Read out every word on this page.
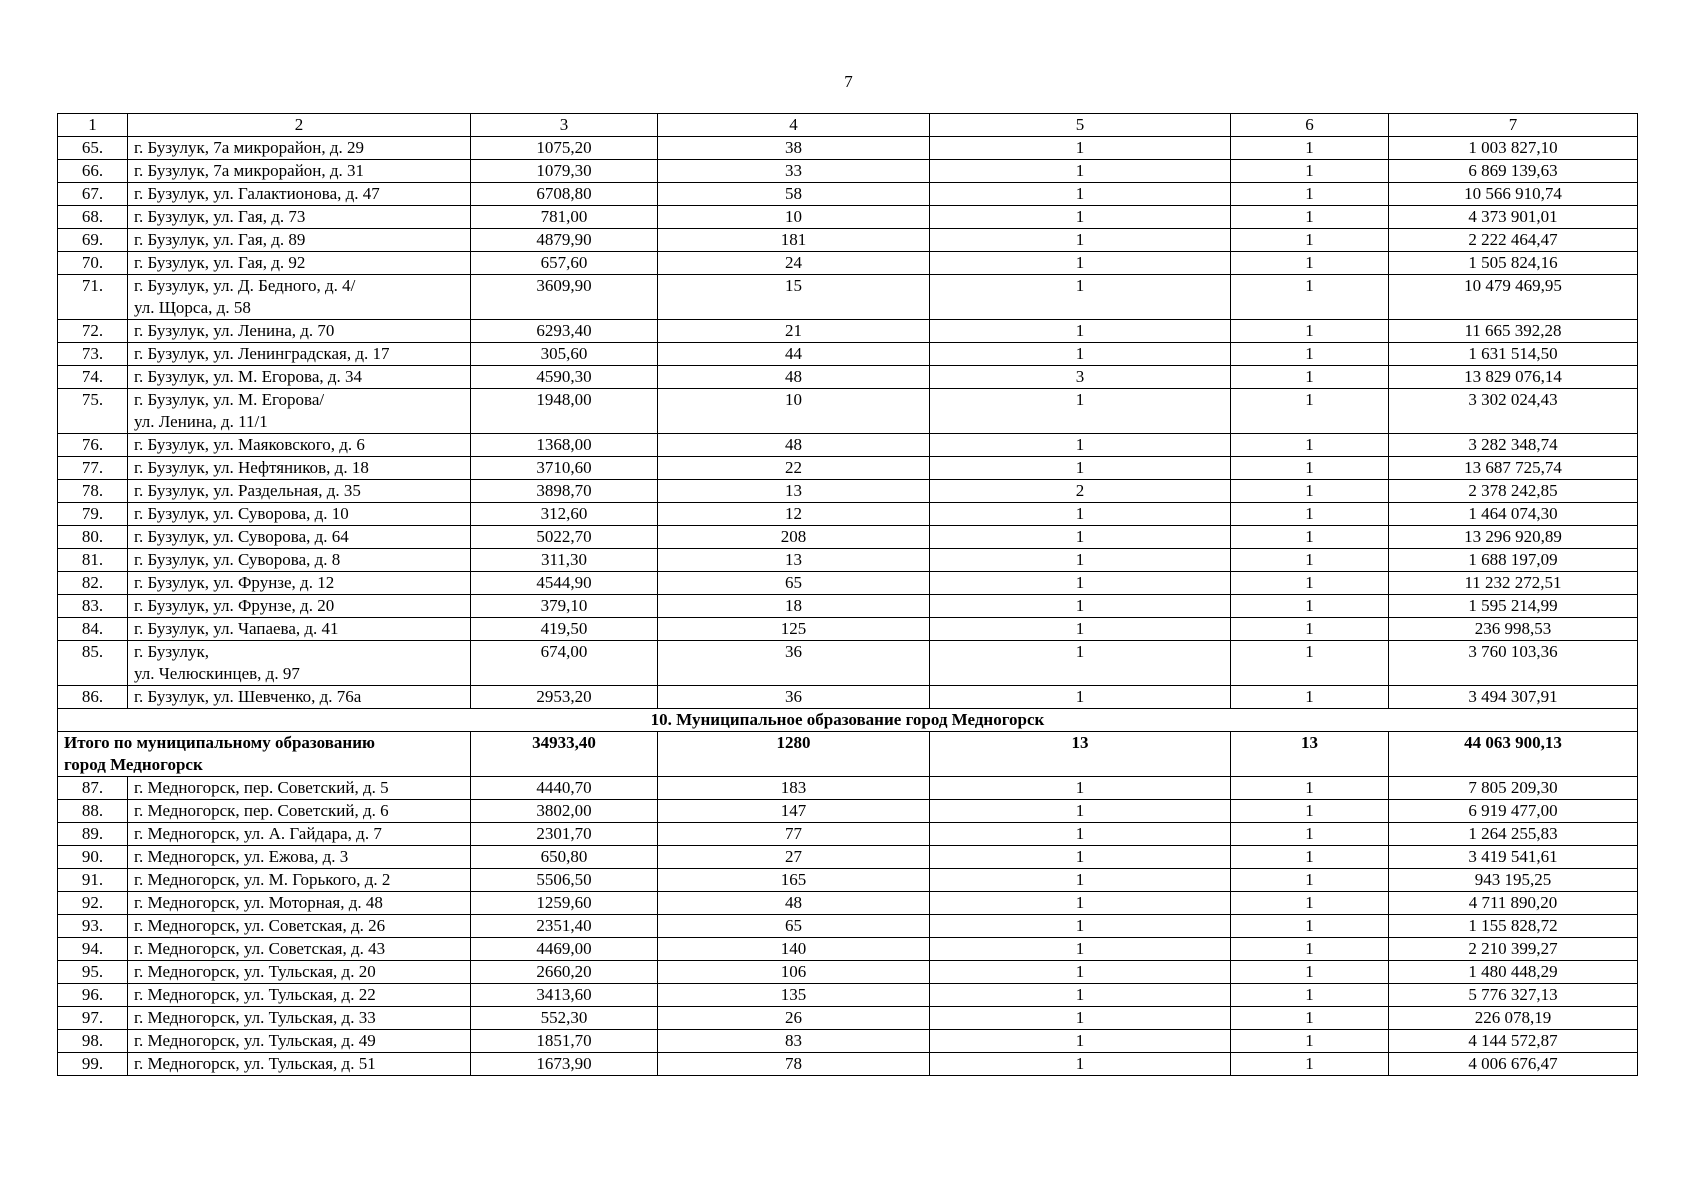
7
1	2	3	4	5	6	7
65.	г. Бузулук, 7а микрорайон, д. 29	1075,20	38	1	1	1 003 827,10
66.	г. Бузулук, 7а микрорайон, д. 31	1079,30	33	1	1	6 869 139,63
67.	г. Бузулук, ул. Галактионова, д. 47	6708,80	58	1	1	10 566 910,74
68.	г. Бузулук, ул. Гая, д. 73	781,00	10	1	1	4 373 901,01
69.	г. Бузулук, ул. Гая, д. 89	4879,90	181	1	1	2 222 464,47
70.	г. Бузулук, ул. Гая, д. 92	657,60	24	1	1	1 505 824,16
71.	г. Бузулук, ул. Д. Бедного, д. 4/
ул. Щорса, д. 58	3609,90	15	1	1	10 479 469,95
72.	г. Бузулук, ул. Ленина, д. 70	6293,40	21	1	1	11 665 392,28
73.	г. Бузулук, ул. Ленинградская, д. 17	305,60	44	1	1	1 631 514,50
74.	г. Бузулук, ул. М. Егорова, д. 34	4590,30	48	3	1	13 829 076,14
75.	г. Бузулук, ул. М. Егорова/
ул. Ленина, д. 11/1	1948,00	10	1	1	3 302 024,43
76.	г. Бузулук, ул. Маяковского, д. 6	1368,00	48	1	1	3 282 348,74
77.	г. Бузулук, ул. Нефтяников, д. 18	3710,60	22	1	1	13 687 725,74
78.	г. Бузулук, ул. Раздельная, д. 35	3898,70	13	2	1	2 378 242,85
79.	г. Бузулук, ул. Суворова, д. 10	312,60	12	1	1	1 464 074,30
80.	г. Бузулук, ул. Суворова, д. 64	5022,70	208	1	1	13 296 920,89
81.	г. Бузулук, ул. Суворова, д. 8	311,30	13	1	1	1 688 197,09
82.	г. Бузулук, ул. Фрунзе, д. 12	4544,90	65	1	1	11 232 272,51
83.	г. Бузулук, ул. Фрунзе, д. 20	379,10	18	1	1	1 595 214,99
84.	г. Бузулук, ул. Чапаева, д. 41	419,50	125	1	1	236 998,53
85.	г. Бузулук,
ул. Челюскинцев, д. 97	674,00	36	1	1	3 760 103,36
86.	г. Бузулук, ул. Шевченко, д. 76а	2953,20	36	1	1	3 494 307,91
10. Муниципальное образование город Медногорск						
Итого по муниципальному образованию
город Медногорск		34933,40	1280	13	13	44 063 900,13
87.	г. Медногорск, пер. Советский, д. 5	4440,70	183	1	1	7 805 209,30
88.	г. Медногорск, пер. Советский, д. 6	3802,00	147	1	1	6 919 477,00
89.	г. Медногорск, ул. А. Гайдара, д. 7	2301,70	77	1	1	1 264 255,83
90.	г. Медногорск, ул. Ежова, д. 3	650,80	27	1	1	3 419 541,61
91.	г. Медногорск, ул. М. Горького, д. 2	5506,50	165	1	1	943 195,25
92.	г. Медногорск, ул. Моторная, д. 48	1259,60	48	1	1	4 711 890,20
93.	г. Медногорск, ул. Советская, д. 26	2351,40	65	1	1	1 155 828,72
94.	г. Медногорск, ул. Советская, д. 43	4469,00	140	1	1	2 210 399,27
95.	г. Медногорск, ул. Тульская, д. 20	2660,20	106	1	1	1 480 448,29
96.	г. Медногорск, ул. Тульская, д. 22	3413,60	135	1	1	5 776 327,13
97.	г. Медногорск, ул. Тульская, д. 33	552,30	26	1	1	226 078,19
98.	г. Медногорск, ул. Тульская, д. 49	1851,70	83	1	1	4 144 572,87
99.	г. Медногорск, ул. Тульская, д. 51	1673,90	78	1	1	4 006 676,47
